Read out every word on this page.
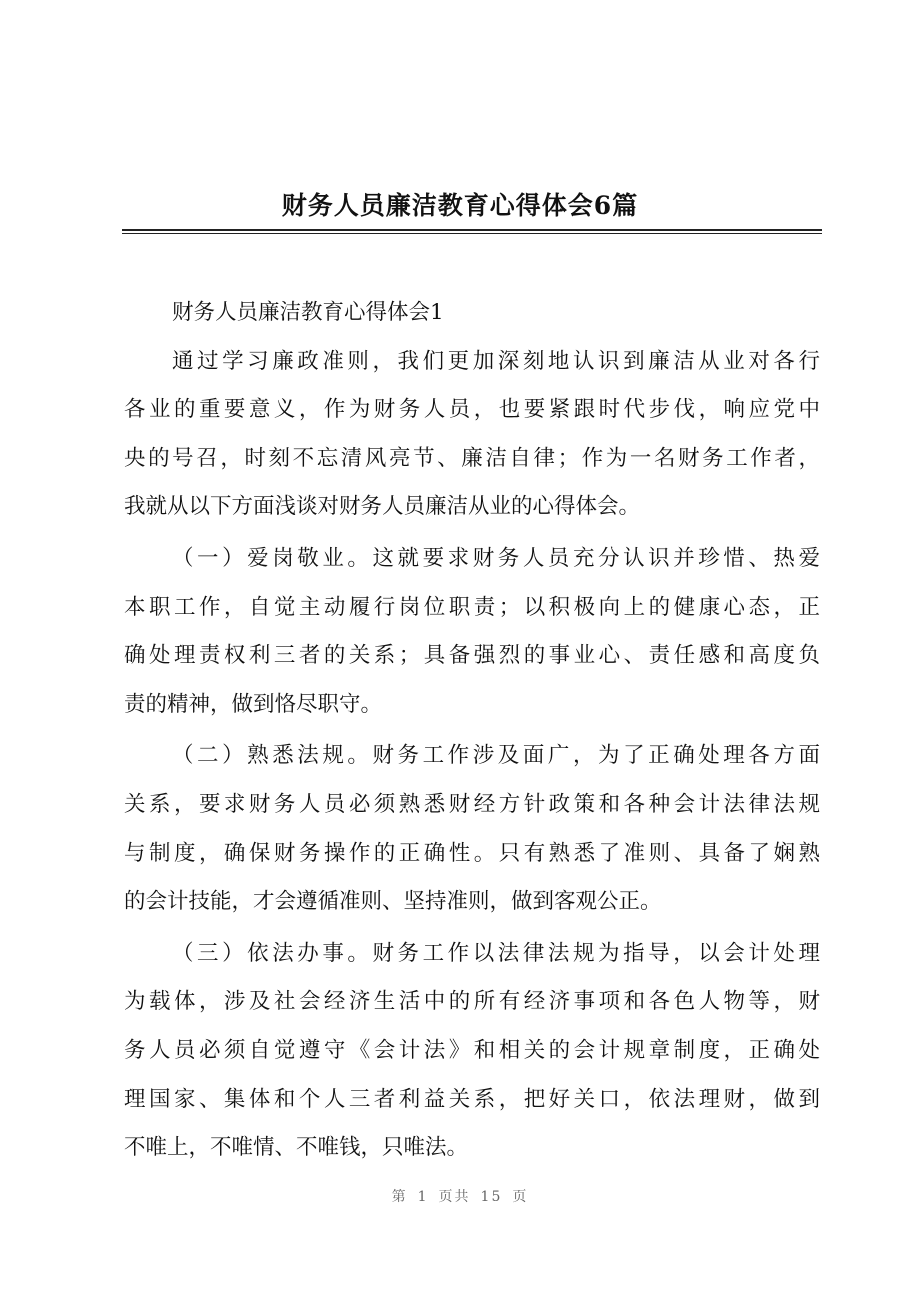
财务人员廉洁教育心得体会6篇
财务人员廉洁教育心得体会1
通过学习廉政准则，我们更加深刻地认识到廉洁从业对各行
各业的重要意义，作为财务人员，也要紧跟时代步伐，响应党中
央的号召，时刻不忘清风亮节、廉洁自律；作为一名财务工作者，
我就从以下方面浅谈对财务人员廉洁从业的心得体会。
（一）爱岗敬业。这就要求财务人员充分认识并珍惜、热爱
本职工作，自觉主动履行岗位职责；以积极向上的健康心态，正
确处理责权利三者的关系；具备强烈的事业心、责任感和高度负
责的精神，做到恪尽职守。
（二）熟悉法规。财务工作涉及面广，为了正确处理各方面
关系，要求财务人员必须熟悉财经方针政策和各种会计法律法规
与制度，确保财务操作的正确性。只有熟悉了准则、具备了娴熟
的会计技能，才会遵循准则、坚持准则，做到客观公正。
（三）依法办事。财务工作以法律法规为指导，以会计处理
为载体，涉及社会经济生活中的所有经济事项和各色人物等，财
务人员必须自觉遵守《会计法》和相关的会计规章制度，正确处
理国家、集体和个人三者利益关系，把好关口，依法理财，做到
不唯上，不唯情、不唯钱，只唯法。
第 1 页共 15 页
